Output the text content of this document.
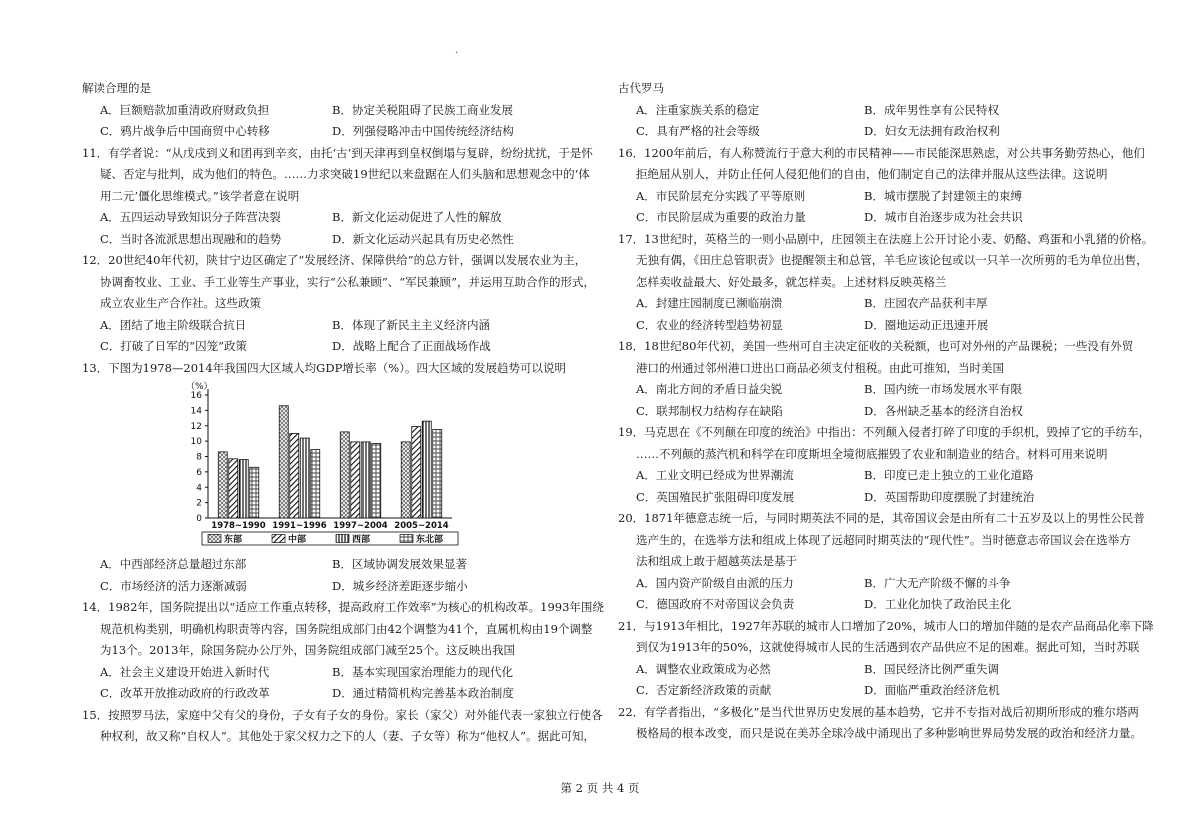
·
解读合理的是
A．巨额赔款加重清政府财政负担	B．协定关税阻碍了民族工商业发展
C．鸦片战争后中国商贸中心转移	D．列强侵略冲击中国传统经济结构
11．有学者说：“从戊戌到义和团再到辛亥，由托‘古’到天津再到皇权倒塌与复辟，纷纷扰扰，于是怀
疑、否定与批判，成为他们的特色。……力求突破19世纪以来盘踞在人们头脑和思想观念中的‘体
用二元’僵化思维模式。”该学者意在说明
A．五四运动导致知识分子阵营决裂	B．新文化运动促进了人性的解放
C．当时各流派思想出现融和的趋势	D．新文化运动兴起具有历史必然性
12．20世纪40年代初，陕甘宁边区确定了“发展经济、保障供给”的总方针，强调以发展农业为主，
协调畜牧业、工业、手工业等生产事业，实行“公私兼顾”、“军民兼顾”，并运用互助合作的形式，
成立农业生产合作社。这些政策
A．团结了地主阶级联合抗日	B．体现了新民主主义经济内涵
C．打破了日军的“囚笼”政策	D．战略上配合了正面战场作战
13．下图为1978—2014年我国四大区域人均GDP增长率（%）。四大区域的发展趋势可以说明
（%）
0
2
4
6
8
10
12
14
16
1978~1990 1991~1996 1997~2004 2005~2014
东部	中部	西部	东北部
A．中西部经济总量超过东部	B．区域协调发展效果显著
C．市场经济的活力逐渐减弱	D．城乡经济差距逐步缩小
14．1982年，国务院提出以“适应工作重点转移，提高政府工作效率”为核心的机构改革。1993年围绕
规范机构类别，明确机构职责等内容，国务院组成部门由42个调整为41个，直属机构由19个调整
为13个。2013年，除国务院办公厅外，国务院组成部门减至25个。这反映出我国
A．社会主义建设开始进入新时代	B．基本实现国家治理能力的现代化
C．改革开放推动政府的行政改革	D．通过精简机构完善基本政治制度
15．按照罗马法，家庭中父有父的身份，子女有子女的身份。家长（家父）对外能代表一家独立行使各
种权利，故又称“自权人”。其他处于家父权力之下的人（妻、子女等）称为“他权人”。据此可知，
古代罗马
A．注重家族关系的稳定	B．成年男性享有公民特权
C．具有严格的社会等级	D．妇女无法拥有政治权利
16．1200年前后，有人称赞流行于意大利的市民精神——市民能深思熟虑，对公共事务勤劳热心，他们
拒绝屈从别人，并防止任何人侵犯他们的自由，他们制定自己的法律并服从这些法律。这说明
A．市民阶层充分实践了平等原则	B．城市摆脱了封建领主的束缚
C．市民阶层成为重要的政治力量	D．城市自治逐步成为社会共识
17．13世纪时，英格兰的一则小品剧中，庄园领主在法庭上公开讨论小麦、奶酪、鸡蛋和小乳猪的价格。
无独有偶，《田庄总管职责》也提醒领主和总管，羊毛应该论包或以一只羊一次所剪的毛为单位出售，
怎样卖收益最大、好处最多，就怎样卖。上述材料反映英格兰
A．封建庄园制度已濒临崩溃	B．庄园农产品获利丰厚
C．农业的经济转型趋势初显	D．圈地运动正迅速开展
18．18世纪80年代初，美国一些州可自主决定征收的关税额，也可对外州的产品课税；一些没有外贸
港口的州通过邻州港口进出口商品必须支付租税。由此可推知，当时美国
A．南北方间的矛盾日益尖锐	B．国内统一市场发展水平有限
C．联邦制权力结构存在缺陷	D．各州缺乏基本的经济自治权
19．马克思在《不列颠在印度的统治》中指出：不列颠入侵者打碎了印度的手织机，毁掉了它的手纺车，
……不列颠的蒸汽机和科学在印度斯坦全境彻底摧毁了农业和制造业的结合。材料可用来说明
A．工业文明已经成为世界潮流	B．印度已走上独立的工业化道路
C．英国殖民扩张阻碍印度发展	D．英国帮助印度摆脱了封建统治
20．1871年德意志统一后，与同时期英法不同的是，其帝国议会是由所有二十五岁及以上的男性公民普
选产生的，在选举方法和组成上体现了远超同时期英法的“现代性”。当时德意志帝国议会在选举方
法和组成上敢于超越英法是基于
A．国内资产阶级自由派的压力	B．广大无产阶级不懈的斗争
C．德国政府不对帝国议会负责	D．工业化加快了政治民主化
21．与1913年相比，1927年苏联的城市人口增加了20%，城市人口的增加伴随的是农产品商品化率下降
到仅为1913年的50%，这就使得城市人民的生活遇到农产品供应不足的困难。据此可知，当时苏联
A．调整农业政策成为必然	B．国民经济比例严重失调
C．否定新经济政策的贡献	D．面临严重政治经济危机
22．有学者指出，“多极化”是当代世界历史发展的基本趋势，它并不专指对战后初期所形成的雅尔塔两
极格局的根本改变，而只是说在美苏全球冷战中涌现出了多种影响世界局势发展的政治和经济力量。
第 2 页 共 4 页
